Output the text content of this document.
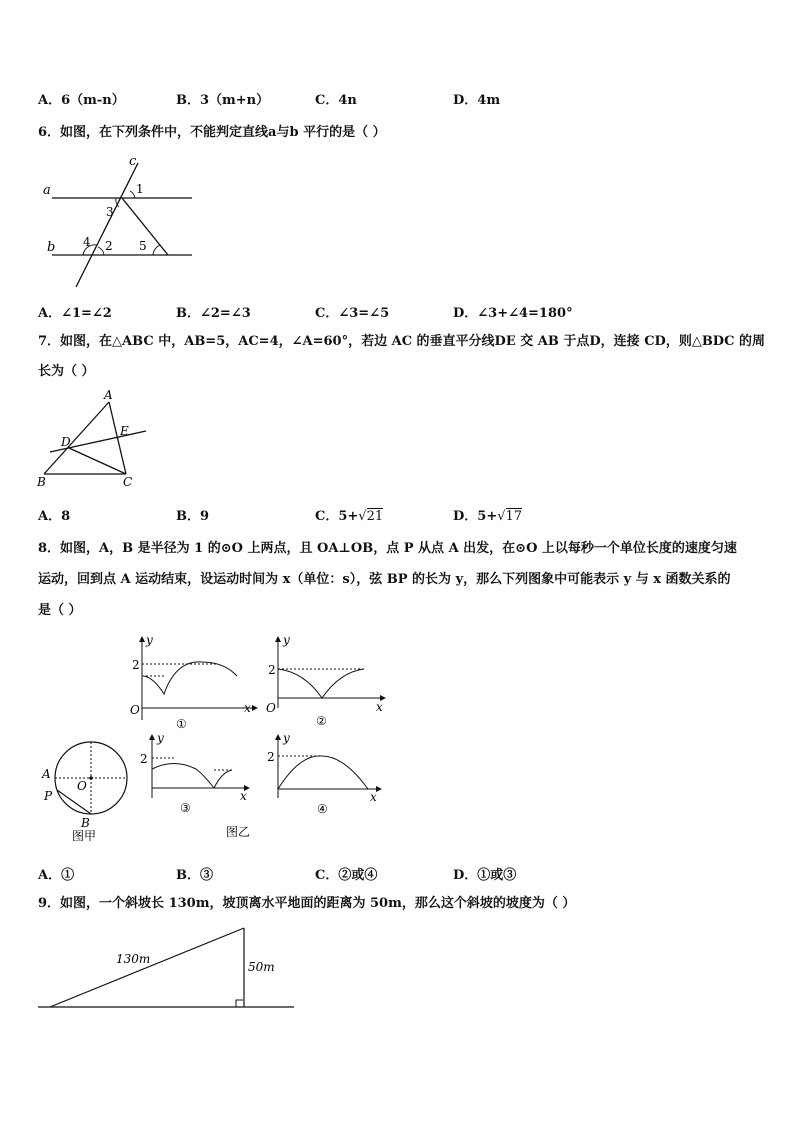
A．6（m-n）	B．3（m+n）	C．4n	D．4m
6．如图，在下列条件中，不能判定直线a与b 平行的是（ ）
c
a
b
1
3
4 2 5
A．∠1=∠2	B．∠2=∠3	C．∠3=∠5	D．∠3+∠4=180°
7．如图，在△ABC 中，AB=5，AC=4，∠A=60°，若边 AC 的垂直平分线DE 交 AB 于点D，连接 CD，则△BDC 的周
长为（ ）
A
D
E
B	C
A．8	B．9	C．5+√21	D．5+√17
8．如图，A，B 是半径为 1 的⊙O 上两点，且 OA⊥OB，点 P 从点 A 出发，在⊙O 上以每秒一个单位长度的速度匀速
运动，回到点 A 运动结束，设运动时间为 x（单位：s），弦 BP 的长为 y，那么下列图象中可能表示 y 与 x 函数关系的
是（ ）
2
O
y
x
①
2
O
y
x
②
A
O
P
B
图甲
2
y
x
③
2
y
x
④
图乙
A．①	B．③	C．②或④	D．①或③
9．如图，一个斜坡长 130m，坡顶离水平地面的距离为 50m，那么这个斜坡的坡度为（ ）
130m
50m
